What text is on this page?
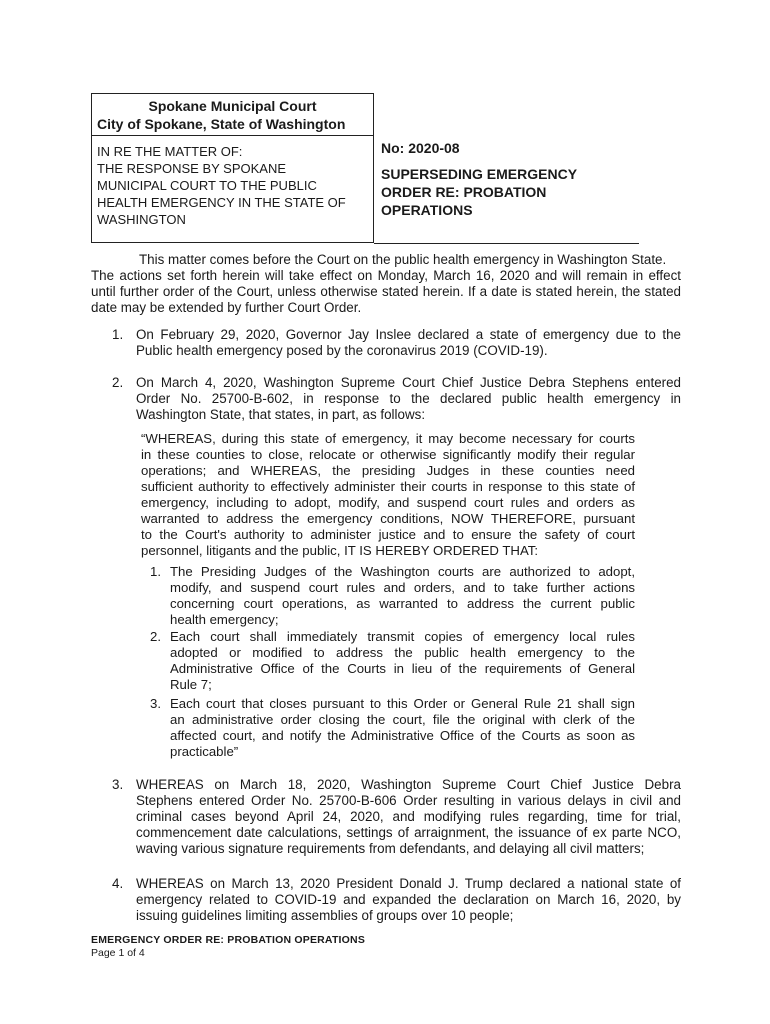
Spokane Municipal Court
City of Spokane, State of Washington
IN RE THE MATTER OF:
THE RESPONSE BY SPOKANE
MUNICIPAL COURT TO THE PUBLIC
HEALTH EMERGENCY IN THE STATE OF
WASHINGTON
No: 2020-08
SUPERSEDING EMERGENCY
ORDER RE: PROBATION
OPERATIONS
This matter comes before the Court on the public health emergency in Washington State.
The actions set forth herein will take effect on Monday, March 16, 2020 and will remain in effect
until further order of the Court, unless otherwise stated herein. If a date is stated herein, the stated
date may be extended by further Court Order.
1. On February 29, 2020, Governor Jay Inslee declared a state of emergency due to the
Public health emergency posed by the coronavirus 2019 (COVID-19).
2. On March 4, 2020, Washington Supreme Court Chief Justice Debra Stephens entered
Order No. 25700-B-602, in response to the declared public health emergency in
Washington State, that states, in part, as follows:
“WHEREAS, during this state of emergency, it may become necessary for courts
in these counties to close, relocate or otherwise significantly modify their regular
operations; and WHEREAS, the presiding Judges in these counties need
sufficient authority to effectively administer their courts in response to this state of
emergency, including to adopt, modify, and suspend court rules and orders as
warranted to address the emergency conditions, NOW THEREFORE, pursuant
to the Court's authority to administer justice and to ensure the safety of court
personnel, litigants and the public, IT IS HEREBY ORDERED THAT:
1. The Presiding Judges of the Washington courts are authorized to adopt,
modify, and suspend court rules and orders, and to take further actions
concerning court operations, as warranted to address the current public
health emergency;
2. Each court shall immediately transmit copies of emergency local rules
adopted or modified to address the public health emergency to the
Administrative Office of the Courts in lieu of the requirements of General
Rule 7;
3. Each court that closes pursuant to this Order or General Rule 21 shall sign
an administrative order closing the court, file the original with clerk of the
affected court, and notify the Administrative Office of the Courts as soon as
practicable”
3. WHEREAS on March 18, 2020, Washington Supreme Court Chief Justice Debra
Stephens entered Order No. 25700-B-606 Order resulting in various delays in civil and
criminal cases beyond April 24, 2020, and modifying rules regarding, time for trial,
commencement date calculations, settings of arraignment, the issuance of ex parte NCO,
waving various signature requirements from defendants, and delaying all civil matters;
4. WHEREAS on March 13, 2020 President Donald J. Trump declared a national state of
emergency related to COVID-19 and expanded the declaration on March 16, 2020, by
issuing guidelines limiting assemblies of groups over 10 people;
EMERGENCY ORDER RE: PROBATION OPERATIONS
Page 1 of 4
